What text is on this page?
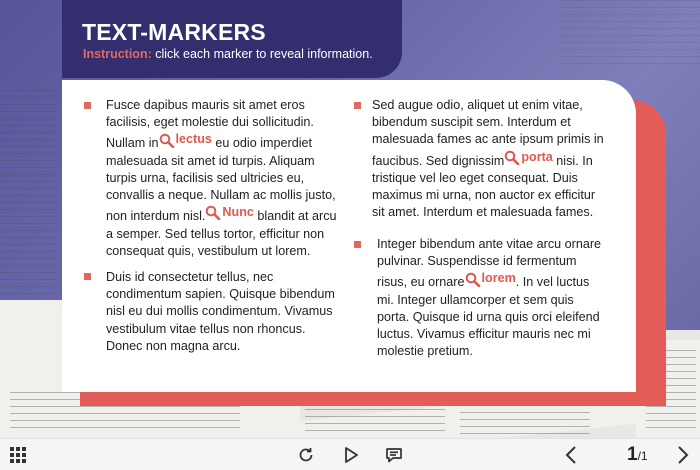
TEXT-MARKERS
Instruction: click each marker to reveal information.
Fusce dapibus mauris sit amet eros
facilisis, eget molestie dui sollicitudin.
Nullam in lectus eu odio imperdiet
malesuada sit amet id turpis. Aliquam
turpis urna, facilisis sed ultricies eu,
convallis a neque. Nullam ac mollis justo,
non interdum nisl. Nunc blandit at arcu
a semper. Sed tellus tortor, efficitur non
consequat quis, vestibulum ut lorem.
Duis id consectetur tellus, nec
condimentum sapien. Quisque bibendum
nisl eu dui mollis condimentum. Vivamus
vestibulum vitae tellus non rhoncus.
Donec non magna arcu.
Sed augue odio, aliquet ut enim vitae,
bibendum suscipit sem. Interdum et
malesuada fames ac ante ipsum primis in
faucibus. Sed dignissim porta nisi. In
tristique vel leo eget consequat. Duis
maximus mi urna, non auctor ex efficitur
sit amet. Interdum et malesuada fames.
Integer bibendum ante vitae arcu ornare
pulvinar. Suspendisse id fermentum
risus, eu ornare lorem . In vel luctus
mi. Integer ullamcorper et sem quis
porta. Quisque id urna quis orci eleifend
luctus. Vivamus efficitur mauris nec mi
molestie pretium.
1/1
